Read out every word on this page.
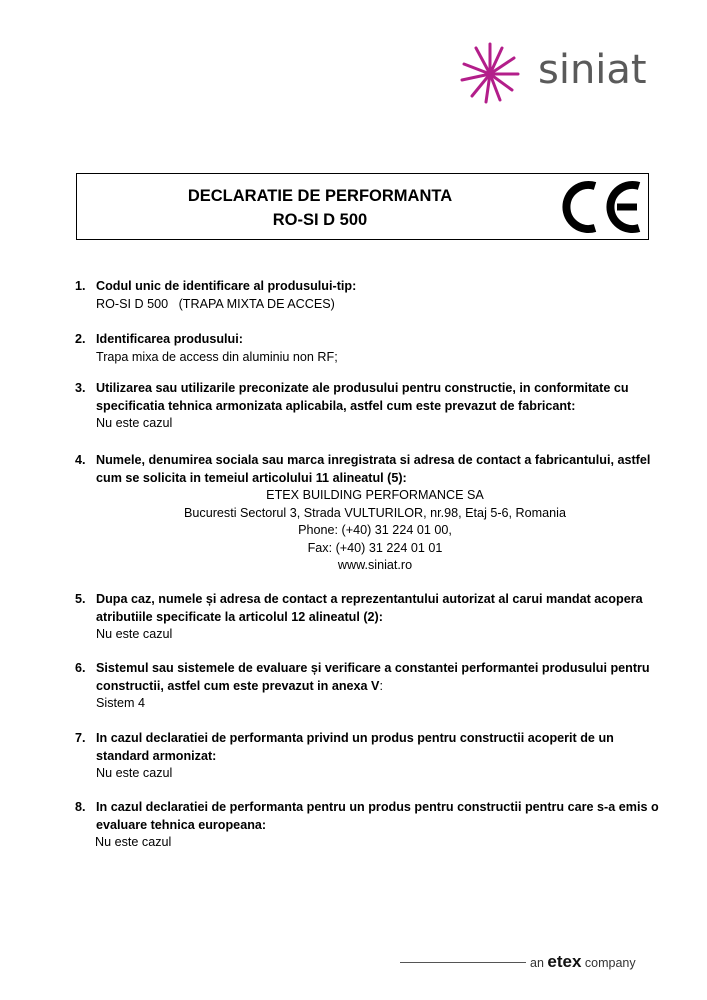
siniat
DECLARATIE DE PERFORMANTA
RO-SI D 500
1. Codul unic de identificare al produsului-tip:
RO-SI D 500   (TRAPA MIXTA DE ACCES)
2. Identificarea produsului:
Trapa mixa de access din aluminiu non RF;
3. Utilizarea sau utilizarile preconizate ale produsului pentru constructie, in conformitate cu
specificatia tehnica armonizata aplicabila, astfel cum este prevazut de fabricant:
Nu este cazul
4. Numele, denumirea sociala sau marca inregistrata si adresa de contact a fabricantului, astfel
cum se solicita in temeiul articolului 11 alineatul (5):
ETEX BUILDING PERFORMANCE SA
Bucuresti Sectorul 3, Strada VULTURILOR, nr.98, Etaj 5-6, Romania
Phone: (+40) 31 224 01 00,
Fax: (+40) 31 224 01 01
www.siniat.ro
5. Dupa caz, numele și adresa de contact a reprezentantului autorizat al carui mandat acopera
atributiile specificate la articolul 12 alineatul (2):
Nu este cazul
6. Sistemul sau sistemele de evaluare și verificare a constantei performantei produsului pentru
constructii, astfel cum este prevazut in anexa V:
Sistem 4
7. In cazul declaratiei de performanta privind un produs pentru constructii acoperit de un
standard armonizat:
Nu este cazul
8. In cazul declaratiei de performanta pentru un produs pentru constructii pentru care s-a emis o
evaluare tehnica europeana:
Nu este cazul
an etex company
